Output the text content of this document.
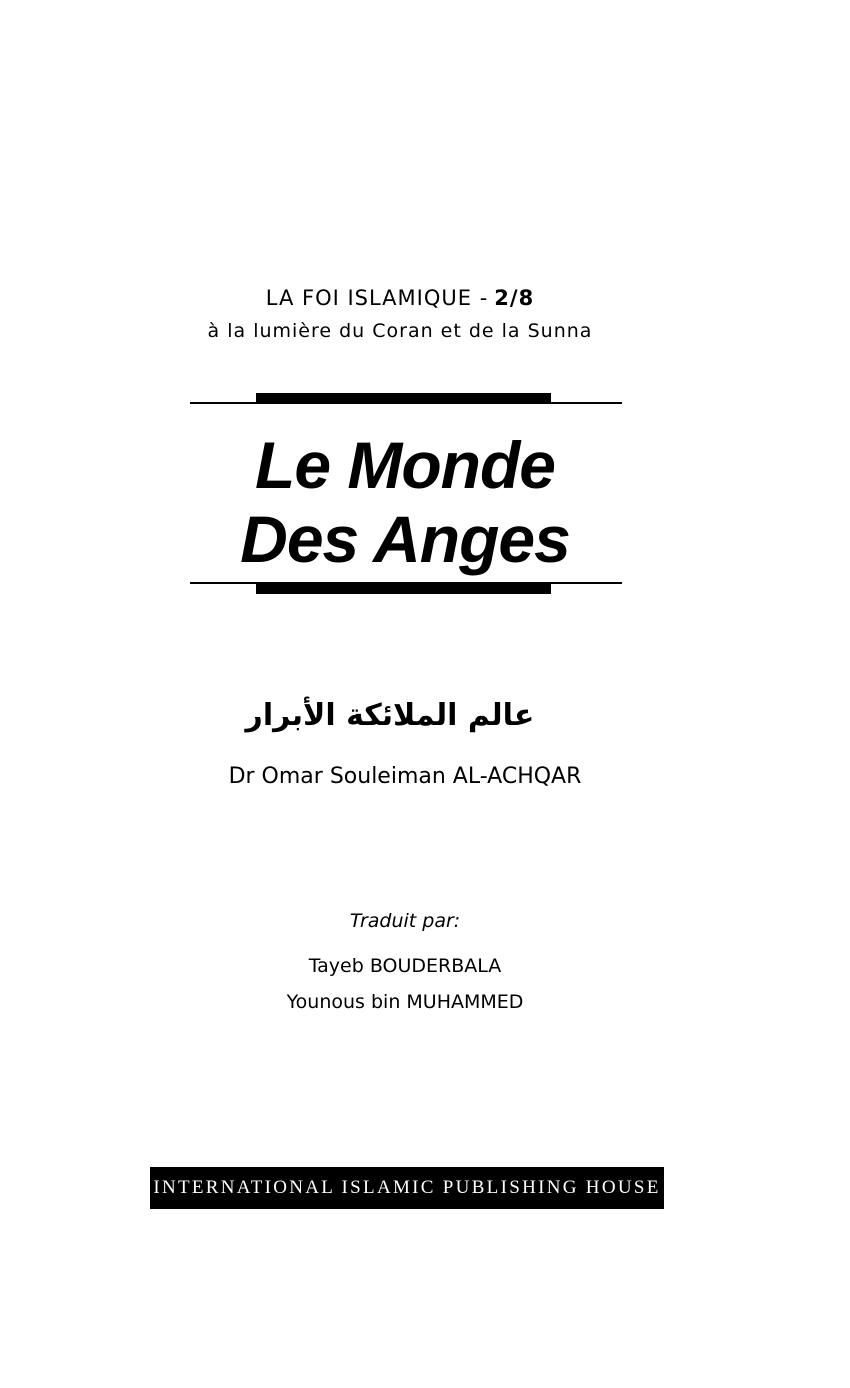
LA FOI ISLAMIQUE - 2/8
à la lumière du Coran et de la Sunna
Le Monde
Des Anges
عالم الملائكة الأبرار
Dr Omar Souleiman AL-ACHQAR
Traduit par:
Tayeb BOUDERBALA
Younous bin MUHAMMED
INTERNATIONAL ISLAMIC PUBLISHING HOUSE
